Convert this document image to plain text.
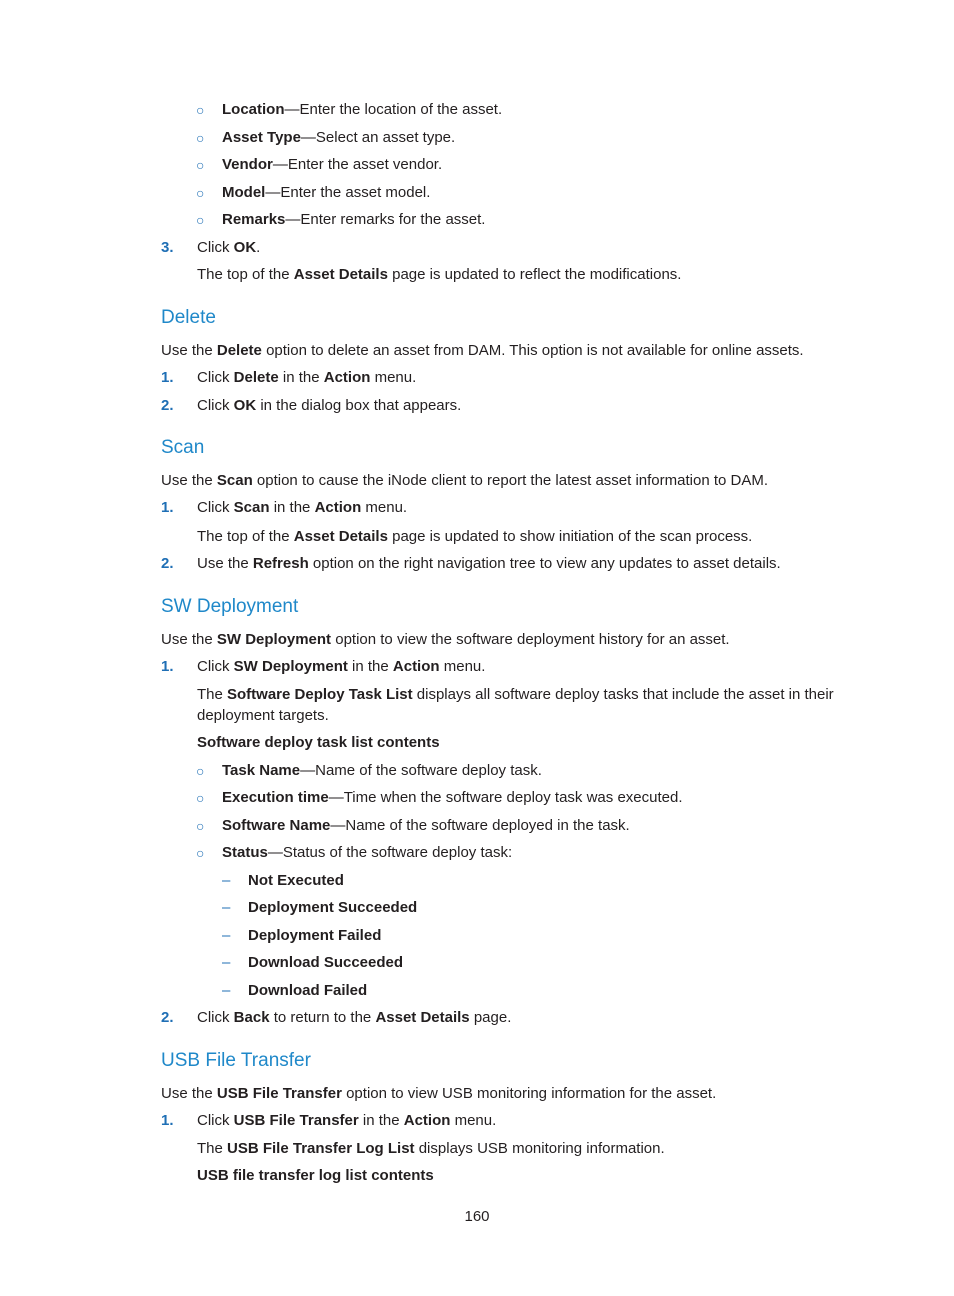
○ Location—Enter the location of the asset.
○ Asset Type—Select an asset type.
○ Vendor—Enter the asset vendor.
○ Model—Enter the asset model.
○ Remarks—Enter remarks for the asset.
3. Click OK.
The top of the Asset Details page is updated to reflect the modifications.
Delete
Use the Delete option to delete an asset from DAM. This option is not available for online assets.
1. Click Delete in the Action menu.
2. Click OK in the dialog box that appears.
Scan
Use the Scan option to cause the iNode client to report the latest asset information to DAM.
1. Click Scan in the Action menu.
The top of the Asset Details page is updated to show initiation of the scan process.
2. Use the Refresh option on the right navigation tree to view any updates to asset details.
SW Deployment
Use the SW Deployment option to view the software deployment history for an asset.
1. Click SW Deployment in the Action menu.
The Software Deploy Task List displays all software deploy tasks that include the asset in their
deployment targets.
Software deploy task list contents
○ Task Name—Name of the software deploy task.
○ Execution time—Time when the software deploy task was executed.
○ Software Name—Name of the software deployed in the task.
○ Status—Status of the software deploy task:
– Not Executed
– Deployment Succeeded
– Deployment Failed
– Download Succeeded
– Download Failed
2. Click Back to return to the Asset Details page.
USB File Transfer
Use the USB File Transfer option to view USB monitoring information for the asset.
1. Click USB File Transfer in the Action menu.
The USB File Transfer Log List displays USB monitoring information.
USB file transfer log list contents
160
